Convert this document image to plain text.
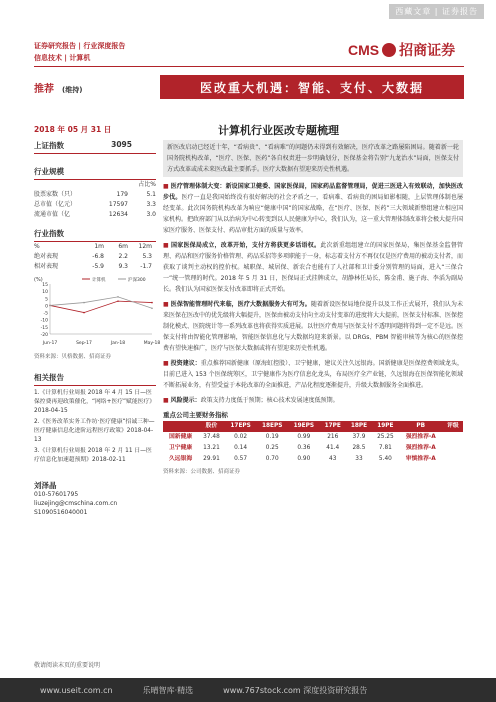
西藏文章 | 证券报告
证券研究报告 | 行业深度报告
信息技术 | 计算机	CMS 招商证券
推荐 (维持)	医改重大机遇：智能、支付、大数据
2018 年 05 月 31 日	计算机行业医改专题梳理
上证指数	3095
行业规模
占比%
股票家数（只）	179	5.1
总市值（亿元）	17597	3.3
流通市值（亿	12634	3.0
行业指数
%	1m	6m	12m
绝对表现	-6.8	2.2	5.3
相对表现	-5.9	9.3	-1.7
(%)
15
10
5
0
-5
-10
-15
-20
Jun-17	Sep-17	Jan-18	May-18
计算机	沪深300
资料来源：贝格数据、招商证券
相关报告
1.《计算机行业周报 2018 年 4 月 15 日—医保控费再迎政策催化，“网络+医疗”赋能医疗》2018-04-15
2.《医务改革实务工作坊·医疗健康“招诚三种—医疗健康信息化进阶远程医疗政策》2018-04-13
3.《计算机行业周报 2018 年 2 月 11 日—医疗信息化加速超预期》2018-02-11
刘泽晶
010-57601795
liuzejing@cmschina.com.cn
S1090516040001
新医改启动已经近十年，“看病贵”、“看病难”的问题仍未得到有效解决，医疗改革之路屡陷困局。随着新一轮国务院机构改革，“医疗、医保、医药”各自权责进一步明确划分，医保基金将告别“九龙治水”局面，医保支付方式改革或成未来医改最主要抓手。医疗大数据有望迎来历史性机遇。
■ 医疗管理体制大变：新设国家卫健委、国家医保局，国家药品监督管理局，促进三医进入有效联动，加快医改步伐。医疗一直是我国始终没有很好解决的社会矛盾之一，看病难、看病贵的困局如影相随，上层管理体制也屡经变革。此次国务院机构改革为响应“健康中国”的国家战略，在“医疗、医保、医药”三大领域新整组建立相应国家机构。把政府部门从以治病为中心转变到以人民健康为中心，我们认为，这一重大管理体制改革将会极大提升国家医疗服务、医保支付、药品审批方面的质量与效率。
■ 国家医保局成立，改革开始，支付方将获更多话语权。此次新重组组建立的国家医保局，集医保基金监督管理、药品和医疗服务价格管理、药品采招等多项职能于一身，标志着支付方不再仅仅是医疗费用的被动支付者，而获取了谈判主动权的控价权。城职保、城居保、新农合也能有了人社部和卫计委分别管理的局面，进入“三保合一”统一管理的时代。2018 年 5 月 31 日，医保局正式挂牌成立，胡静林任局长，陈金甫、施子海、李滔为副局长。我们认为国家医保支付改革即将正式开始。
■ 医保智能管理时代来临，医疗大数据服务大有可为。随着新设医保局地位提升以及工作正式展开，我们认为未来医保在医改中的优先级将大幅提升，医保由被动支付向主动支付变革的进度将大大提前，医保支付标准、医保控制化模式、医院统计等一系列改革也将获得实质进展。以往医疗费用与医保支付不透明问题将得到一定不是远。医保支付将由智能化管理影响，智能医保信息化与大数据均迎来新景。以 DRGs、PBM 智能审核等为核心的医保控费有望快速推广，医疗与医保大数据或将有望迎来历史性机遇。
■ 投资建议：重点推荐国新健康（原海虹控股）、卫宁健康，建议关注久远银海。国新健康是医保控费领域龙头，目前已进入 153 个医保统筹区，卫宁健康作为医疗信息化龙头，布局医疗全产业链，久远银海在医保智能化领域不断拓展业务，有望受益于本轮改革的全面推进，产品化程度逐渐提升，升级大数据服务全面推进。
■ 风险提示：政策支持力度低于预期；核心技术发展速度低预期。
重点公司主要财务指标
	股价	17EPS	18EPS	19EPS	17PE	18PE	19PE	PB	评级
国新健康	37.48	0.02	0.19	0.99	216	37.9	25.25	强烈推荐-A	
卫宁健康	13.21	0.14	0.25	0.36	41.4	28.5	7.81	强烈推荐-A	
久远银海	29.91	0.57	0.70	0.90	43	33	5.40	审慎推荐-A	
资料来源：公司数据、招商证券
敬请阅读末页的重要说明
www.useit.com.cn	乐晴智库·精选	www.767stock.com 深度投资研究报告
